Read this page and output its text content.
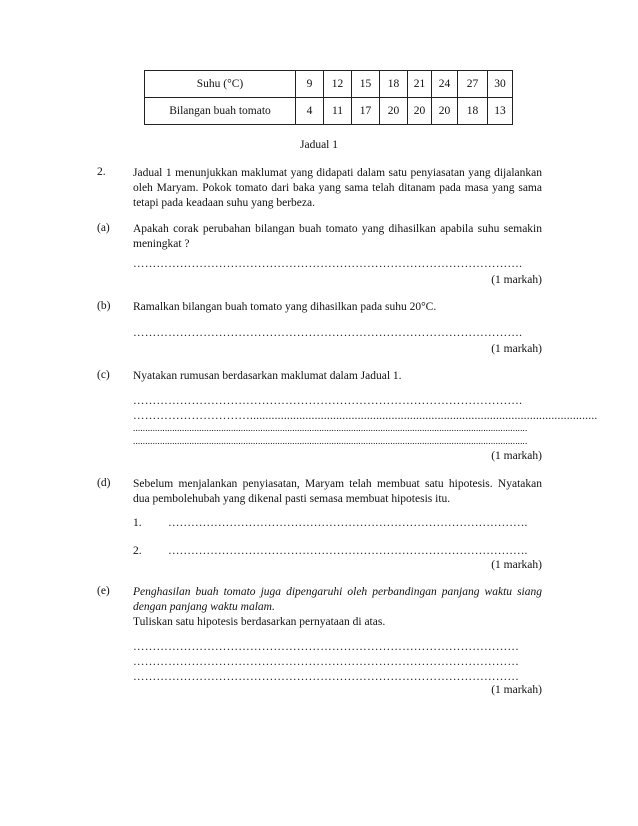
Suhu (°C)	9	12	15	18	21	24	27	30
Bilangan buah tomato	4	11	17	20	20	20	18	13
Jadual 1
2. Jadual 1 menunjukkan maklumat yang didapati dalam satu penyiasatan yang dijalankan oleh Maryam. Pokok tomato dari baka yang sama telah ditanam pada masa yang sama tetapi pada keadaan suhu yang berbeza.
(a) Apakah corak perubahan bilangan buah tomato yang dihasilkan apabila suhu semakin meningkat ?
……………………………………………………………………………………….
(1 markah)
(b) Ramalkan bilangan buah tomato yang dihasilkan pada suhu 20°C.
……………………………………………………………………………………….
(1 markah)
(c) Nyatakan rumusan berdasarkan maklumat dalam Jadual 1.
……………………………………………………………………………………….
………………………….................................................................................................................
.................................................................................................................................................................
.................................................................................................................................................................
(1 markah)
(d) Sebelum menjalankan penyiasatan, Maryam telah membuat satu hipotesis. Nyatakan dua pembolehubah yang dikenal pasti semasa membuat hipotesis itu.
1. ………………………………………………………………………………….
2. ………………………………………………………………………………….
(1 markah)
(e) Penghasilan buah tomato juga dipengaruhi oleh perbandingan panjang waktu siang dengan panjang waktu malam.
Tuliskan satu hipotesis berdasarkan pernyataan di atas.
………………………………………………………………………………………
………………………………………………………………………………………
………………………………………………………………………………………
(1 markah)
